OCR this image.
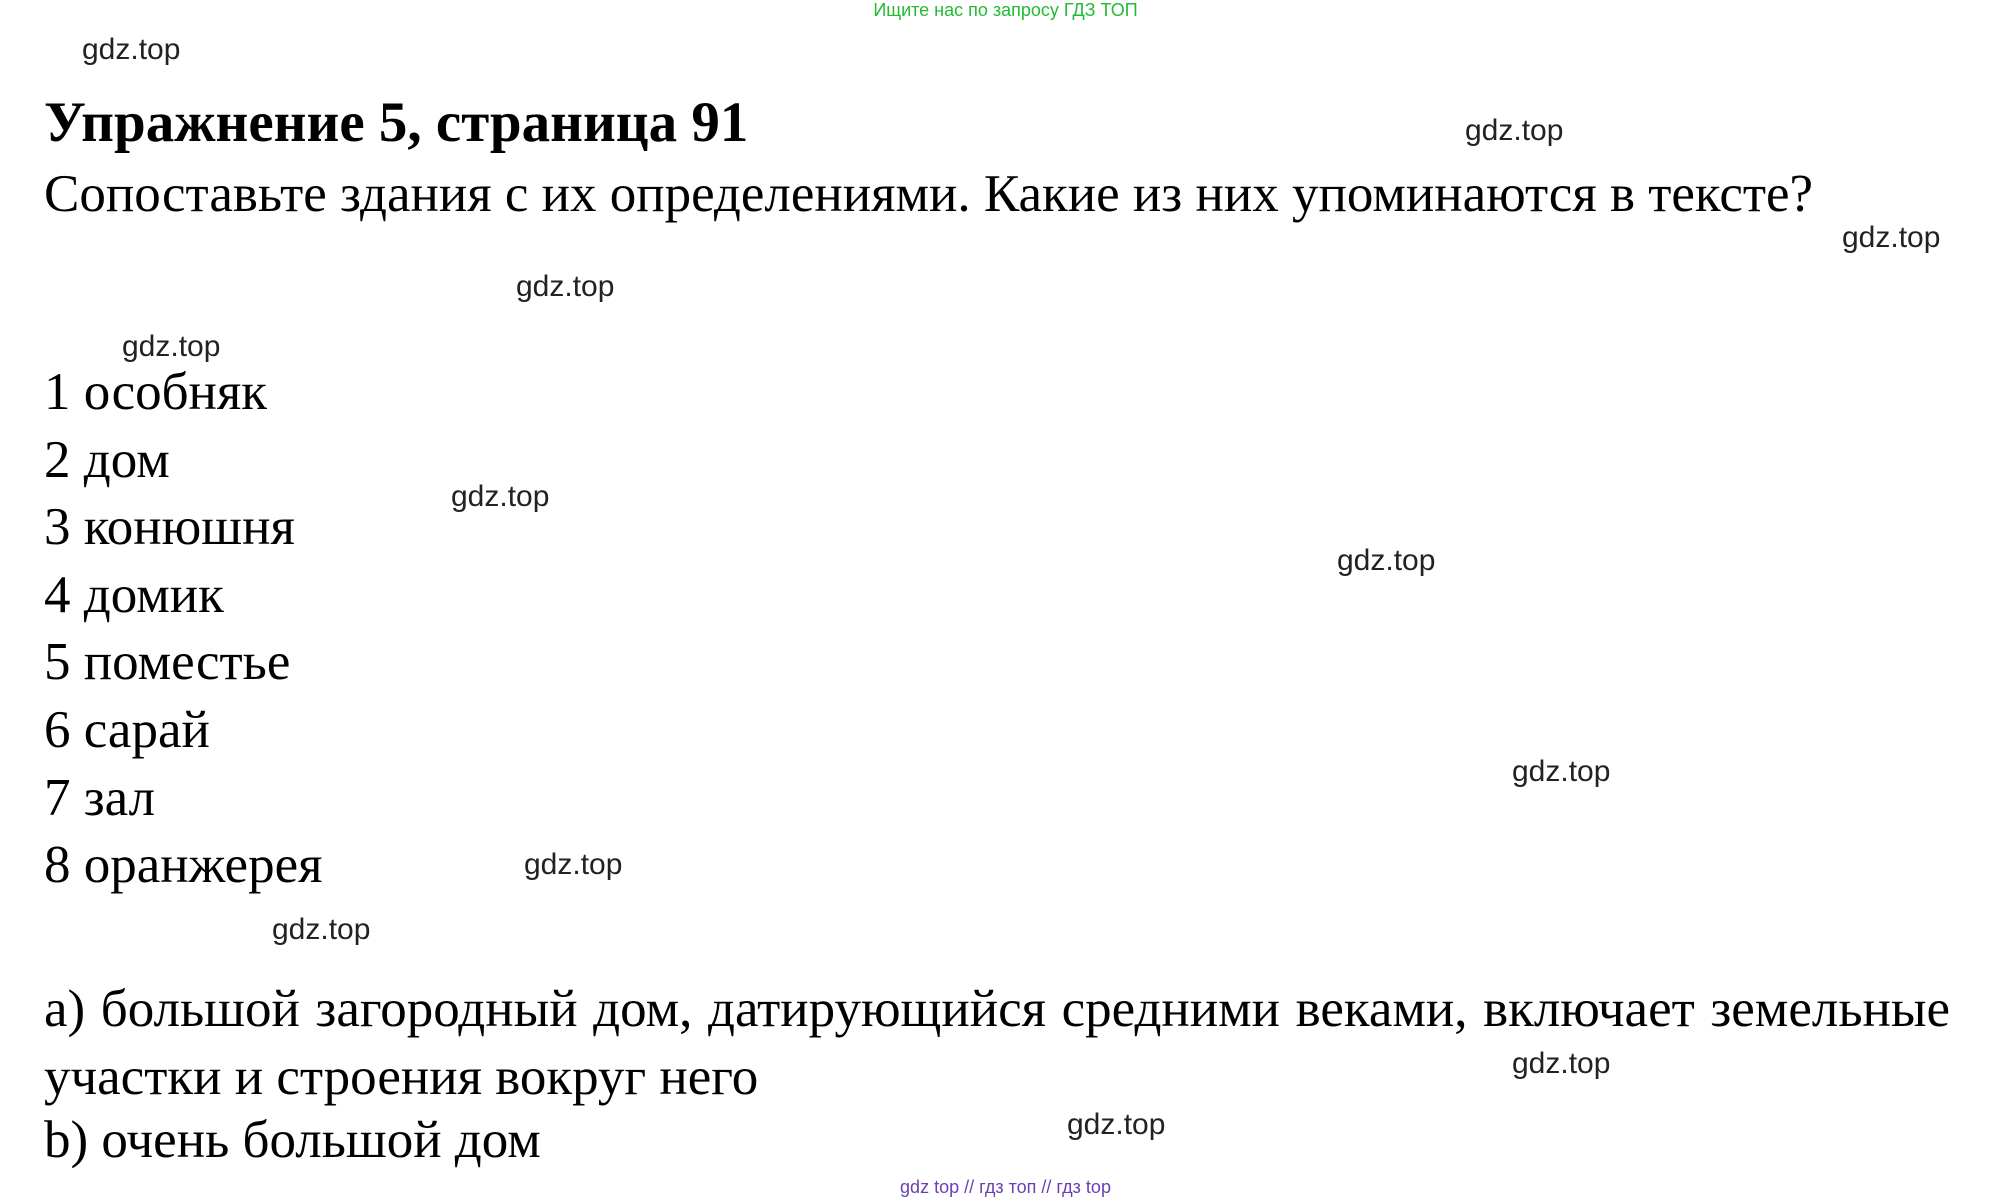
Ищите нас по запросу ГДЗ ТОП
Упражнение 5, страница 91
Сопоставьте здания с их определениями. Какие из них упоминаются в тексте?
1 особняк
2 дом
3 конюшня
4 домик
5 поместье
6 сарай
7 зал
8 оранжерея
a) большой загородный дом, датирующийся средними веками, включает земельные участки и строения вокруг него
b) очень большой дом
gdz.top
gdz.top
gdz.top
gdz.top
gdz.top
gdz.top
gdz.top
gdz.top
gdz.top
gdz.top
gdz.top
gdz.top
gdz top // гдз топ // гдз top
